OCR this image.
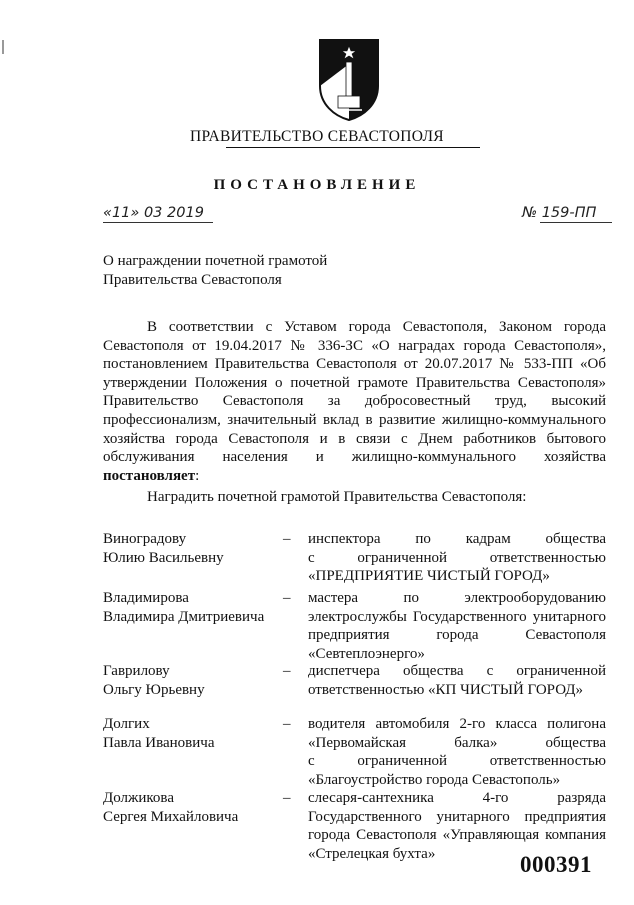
ПРАВИТЕЛЬСТВО СЕВАСТОПОЛЯ
ПОСТАНОВЛЕНИЕ
«11» 03 2019	№ 159-ПП
О награждении почетной грамотой
Правительства Севастополя
В соответствии с Уставом города Севастополя, Законом города Севастополя от 19.04.2017 № 336-ЗС «О наградах города Севастополя», постановлением Правительства Севастополя от 20.07.2017 № 533-ПП «Об утверждении Положения о почетной грамоте Правительства Севастополя» Правительство Севастополя за добросовестный труд, высокий профессионализм, значительный вклад в развитие жилищно-коммунального хозяйства города Севастополя и в связи с Днем работников бытового обслуживания населения и жилищно-коммунального хозяйства постановляет:
Наградить почетной грамотой Правительства Севастополя:
Виноградову
Юлию Васильевну
– инспектора по кадрам общества
с ограниченной ответственностью
«ПРЕДПРИЯТИЕ ЧИСТЫЙ ГОРОД»
Владимирова
Владимира Дмитриевича
– мастера по электрооборудованию
электрослужбы Государственного унитарного
предприятия города Севастополя
«Севтеплоэнерго»
Гаврилову
Ольгу Юрьевну
– диспетчера общества с ограниченной
ответственностью «КП ЧИСТЫЙ ГОРОД»
Долгих
Павла Ивановича
– водителя автомобиля 2-го класса полигона
«Первомайская балка» общества
с ограниченной ответственностью
«Благоустройство города Севастополь»
Должикова
Сергея Михайловича
– слесаря-сантехника 4-го разряда
Государственного унитарного предприятия
города Севастополя «Управляющая компания
«Стрелецкая бухта»	000391
